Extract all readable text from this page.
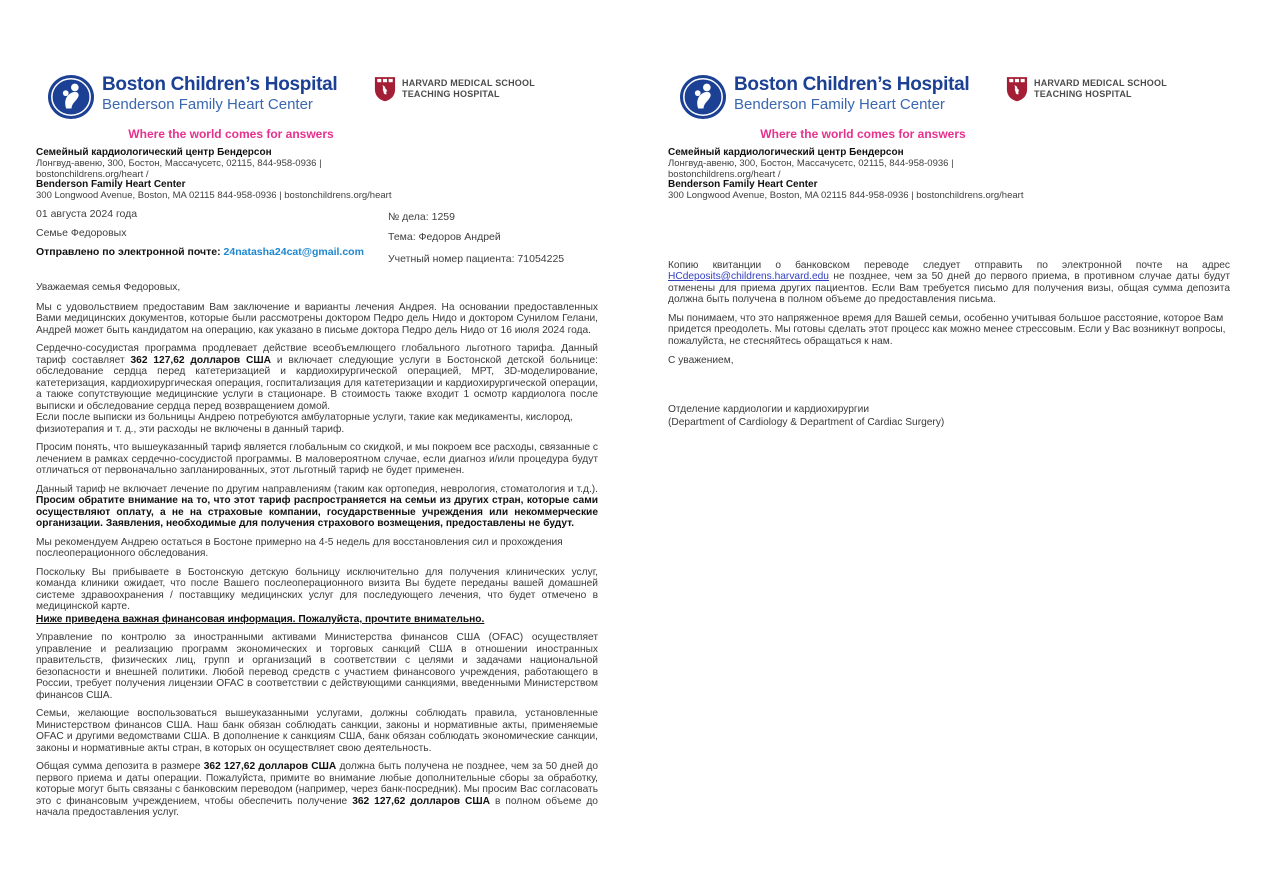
Boston Children’s Hospital
Benderson Family Heart Center
HARVARD MEDICAL SCHOOL
TEACHING HOSPITAL
Where the world comes for answers
Семейный кардиологический центр Бендерсон
Лонгвуд-авеню, 300, Бостон, Массачусетс, 02115, 844-958-0936 |
bostonchildrens.org/heart /
Benderson Family Heart Center
300 Longwood Avenue, Boston, MA 02115 844-958-0936 | bostonchildrens.org/heart
01 августа 2024 года
Семье Федоровых
Отправлено по электронной почте: 24natasha24cat@gmail.com
№ дела: 1259
Тема: Федоров Андрей
Учетный номер пациента: 71054225
Уважаемая семья Федоровых,

Мы с удовольствием предоставим Вам заключение и варианты лечения Андрея. На основании предоставленных Вами медицинских документов, которые были рассмотрены доктором Педро дель Нидо и доктором Сунилом Гелани, Андрей может быть кандидатом на операцию, как указано в письме доктора Педро дель Нидо от 16 июля 2024 года.

Сердечно-сосудистая программа продлевает действие всеобъемлющего глобального льготного тарифа. Данный тариф составляет 362 127,62 долларов США и включает следующие услуги в Бостонской детской больнице: обследование сердца перед катетеризацией и кардиохирургической операцией, МРТ, 3D-моделирование, катетеризация, кардиохирургическая операция, госпитализация для катетеризации и кардиохирургической операции, а также сопутствующие медицинские услуги в стационаре. В стоимость также входит 1 осмотр кардиолога после выписки и обследование сердца перед возвращением домой.

Если после выписки из больницы Андрею потребуются амбулаторные услуги, такие как медикаменты, кислород, физиотерапия и т. д., эти расходы не включены в данный тариф.

Просим понять, что вышеуказанный тариф является глобальным со скидкой, и мы покроем все расходы, связанные с лечением в рамках сердечно-сосудистой программы. В маловероятном случае, если диагноз и/или процедура будут отличаться от первоначально запланированных, этот льготный тариф не будет применен.

Данный тариф не включает лечение по другим направлениям (таким как ортопедия, неврология, стоматология и т.д.). Просим обратите внимание на то, что этот тариф распространяется на семьи из других стран, которые сами осуществляют оплату, а не на страховые компании, государственные учреждения или некоммерческие организации. Заявления, необходимые для получения страхового возмещения, предоставлены не будут.

Мы рекомендуем Андрею остаться в Бостоне примерно на 4-5 недель для восстановления сил и прохождения послеоперационного обследования.

Поскольку Вы прибываете в Бостонскую детскую больницу исключительно для получения клинических услуг, команда клиники ожидает, что после Вашего послеоперационного визита Вы будете переданы вашей домашней системе здравоохранения / поставщику медицинских услуг для последующего лечения, что будет отмечено в медицинской карте.

Ниже приведена важная финансовая информация. Пожалуйста, прочтите внимательно.

Управление по контролю за иностранными активами Министерства финансов США (OFAC) осуществляет управление и реализацию программ экономических и торговых санкций США в отношении иностранных правительств, физических лиц, групп и организаций в соответствии с целями и задачами национальной безопасности и внешней политики. Любой перевод средств с участием финансового учреждения, работающего в России, требует получения лицензии OFAC в соответствии с действующими санкциями, введенными Министерством финансов США.

Семьи, желающие воспользоваться вышеуказанными услугами, должны соблюдать правила, установленные Министерством финансов США. Наш банк обязан соблюдать санкции, законы и нормативные акты, применяемые OFAC и другими ведомствами США. В дополнение к санкциям США, банк обязан соблюдать экономические санкции, законы и нормативные акты стран, в которых он осуществляет свою деятельность.

Общая сумма депозита в размере 362 127,62 долларов США должна быть получена не позднее, чем за 50 дней до первого приема и даты операции. Пожалуйста, примите во внимание любые дополнительные сборы за обработку, которые могут быть связаны с банковским переводом (например, через банк-посредник). Мы просим Вас согласовать это с финансовым учреждением, чтобы обеспечить получение 362 127,62 долларов США в полном объеме до начала предоставления услуг.

Boston Children’s Hospital
Benderson Family Heart Center
HARVARD MEDICAL SCHOOL
TEACHING HOSPITAL
Where the world comes for answers
Семейный кардиологический центр Бендерсон
Лонгвуд-авеню, 300, Бостон, Массачусетс, 02115, 844-958-0936 |
bostonchildrens.org/heart /
Benderson Family Heart Center
300 Longwood Avenue, Boston, MA 02115 844-958-0936 | bostonchildrens.org/heart

Копию квитанции о банковском переводе следует отправить по электронной почте на адрес HCdeposits@childrens.harvard.edu не позднее, чем за 50 дней до первого приема, в противном случае даты будут отменены для приема других пациентов. Если Вам требуется письмо для получения визы, общая сумма депозита должна быть получена в полном объеме до предоставления письма.

Мы понимаем, что это напряженное время для Вашей семьи, особенно учитывая большое расстояние, которое Вам придется преодолеть. Мы готовы сделать этот процесс как можно менее стрессовым. Если у Вас возникнут вопросы, пожалуйста, не стесняйтесь обращаться к нам.

С уважением,
Отделение кардиологии и кардиохирургии
(Department of Cardiology & Department of Cardiac Surgery)
